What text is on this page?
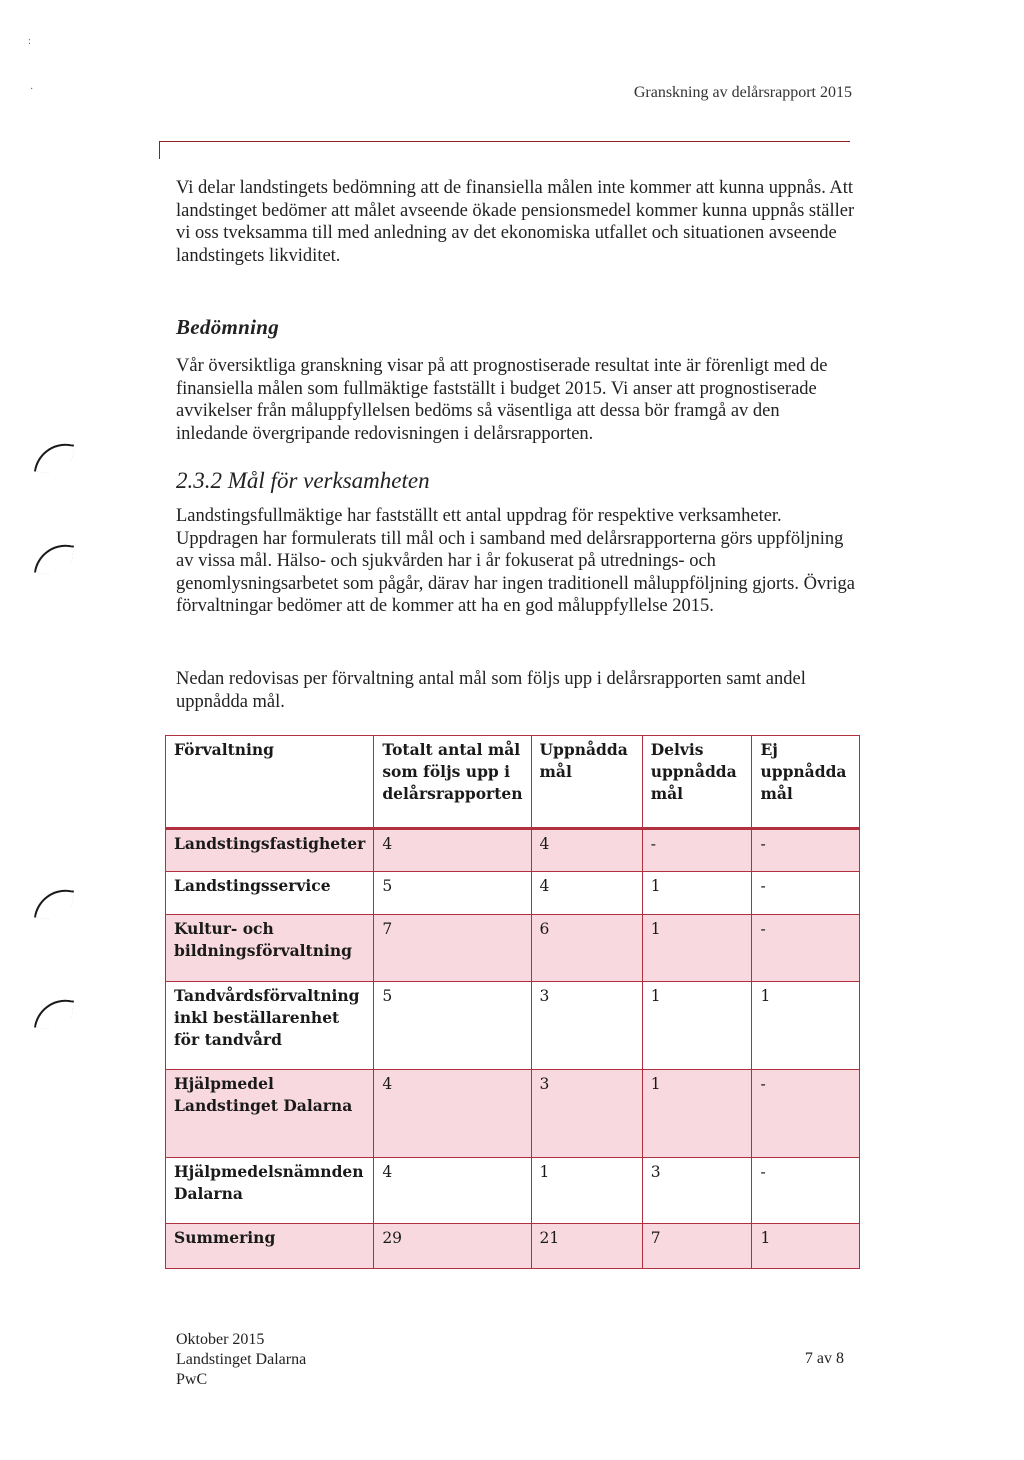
:
·	Granskning av delårsrapport 2015

Vi delar landstingets bedömning att de finansiella målen inte kommer att kunna uppnås. Att landstinget bedömer att målet avseende ökade pensionsmedel kommer kunna uppnås ställer vi oss tveksamma till med anledning av det ekonomiska utfallet och situationen avseende landstingets likviditet.

Bedömning

Vår översiktliga granskning visar på att prognostiserade resultat inte är förenligt med de finansiella målen som fullmäktige fastställt i budget 2015. Vi anser att prognostiserade avvikelser från måluppfyllelsen bedöms så väsentliga att dessa bör framgå av den inledande övergripande redovisningen i delårsrapporten.

2.3.2 Mål för verksamheten

Landstingsfullmäktige har fastställt ett antal uppdrag för respektive verksamheter. Uppdragen har formulerats till mål och i samband med delårsrapporterna görs uppföljning av vissa mål. Hälso- och sjukvården har i år fokuserat på utrednings- och genomlysningsarbetet som pågår, därav har ingen traditionell måluppföljning gjorts. Övriga förvaltningar bedömer att de kommer att ha en god måluppfyllelse 2015.

Nedan redovisas per förvaltning antal mål som följs upp i delårsrapporten samt andel uppnådda mål.

Förvaltning	Totalt antal mål som följs upp i delårsrapporten	Uppnådda mål	Delvis uppnådda mål	Ej uppnådda mål
Landstingsfastigheter	4	4	-	-
Landstingsservice	5	4	1	-
Kultur- och bildningsförvaltning	7	6	1	-
Tandvårdsförvaltning inkl beställarenhet för tandvård	5	3	1	1
Hjälpmedel Landstinget Dalarna	4	3	1	-
Hjälpmedelsnämnden Dalarna	4	1	3	-
Summering	29	21	7	1
Oktober 2015
Landstinget Dalarna
PwC
7 av 8
